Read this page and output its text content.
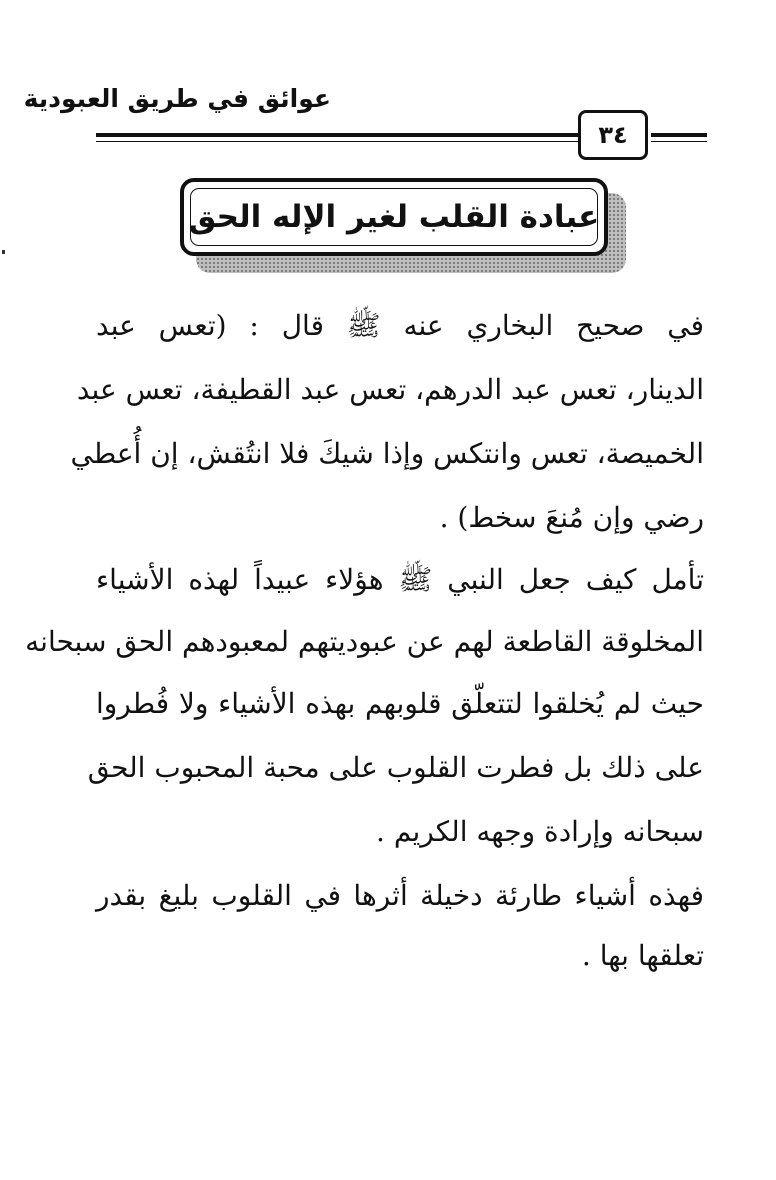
عوائق في طريق العبودية
٣٤
عبادة القلب لغير الإله الحق
في صحيح البخاري عنه ﷺ قال : (تعس عبد
الدينار، تعس عبد الدرهم، تعس عبد القطيفة، تعس عبد
الخميصة، تعس وانتكس وإذا شيكَ فلا انتُقش، إن أُعطي
رضي وإن مُنعَ سخط) .
تأمل كيف جعل النبي ﷺ هؤلاء عبيداً لهذه الأشياء
المخلوقة القاطعة لهم عن عبوديتهم لمعبودهم الحق سبحانه
حيث لم يُخلقوا لتتعلّق قلوبهم بهذه الأشياء ولا فُطروا
على ذلك بل فطرت القلوب على محبة المحبوب الحق
سبحانه وإرادة وجهه الكريم .
فهذه أشياء طارئة دخيلة أثرها في القلوب بليغ بقدر
تعلقها بها .
